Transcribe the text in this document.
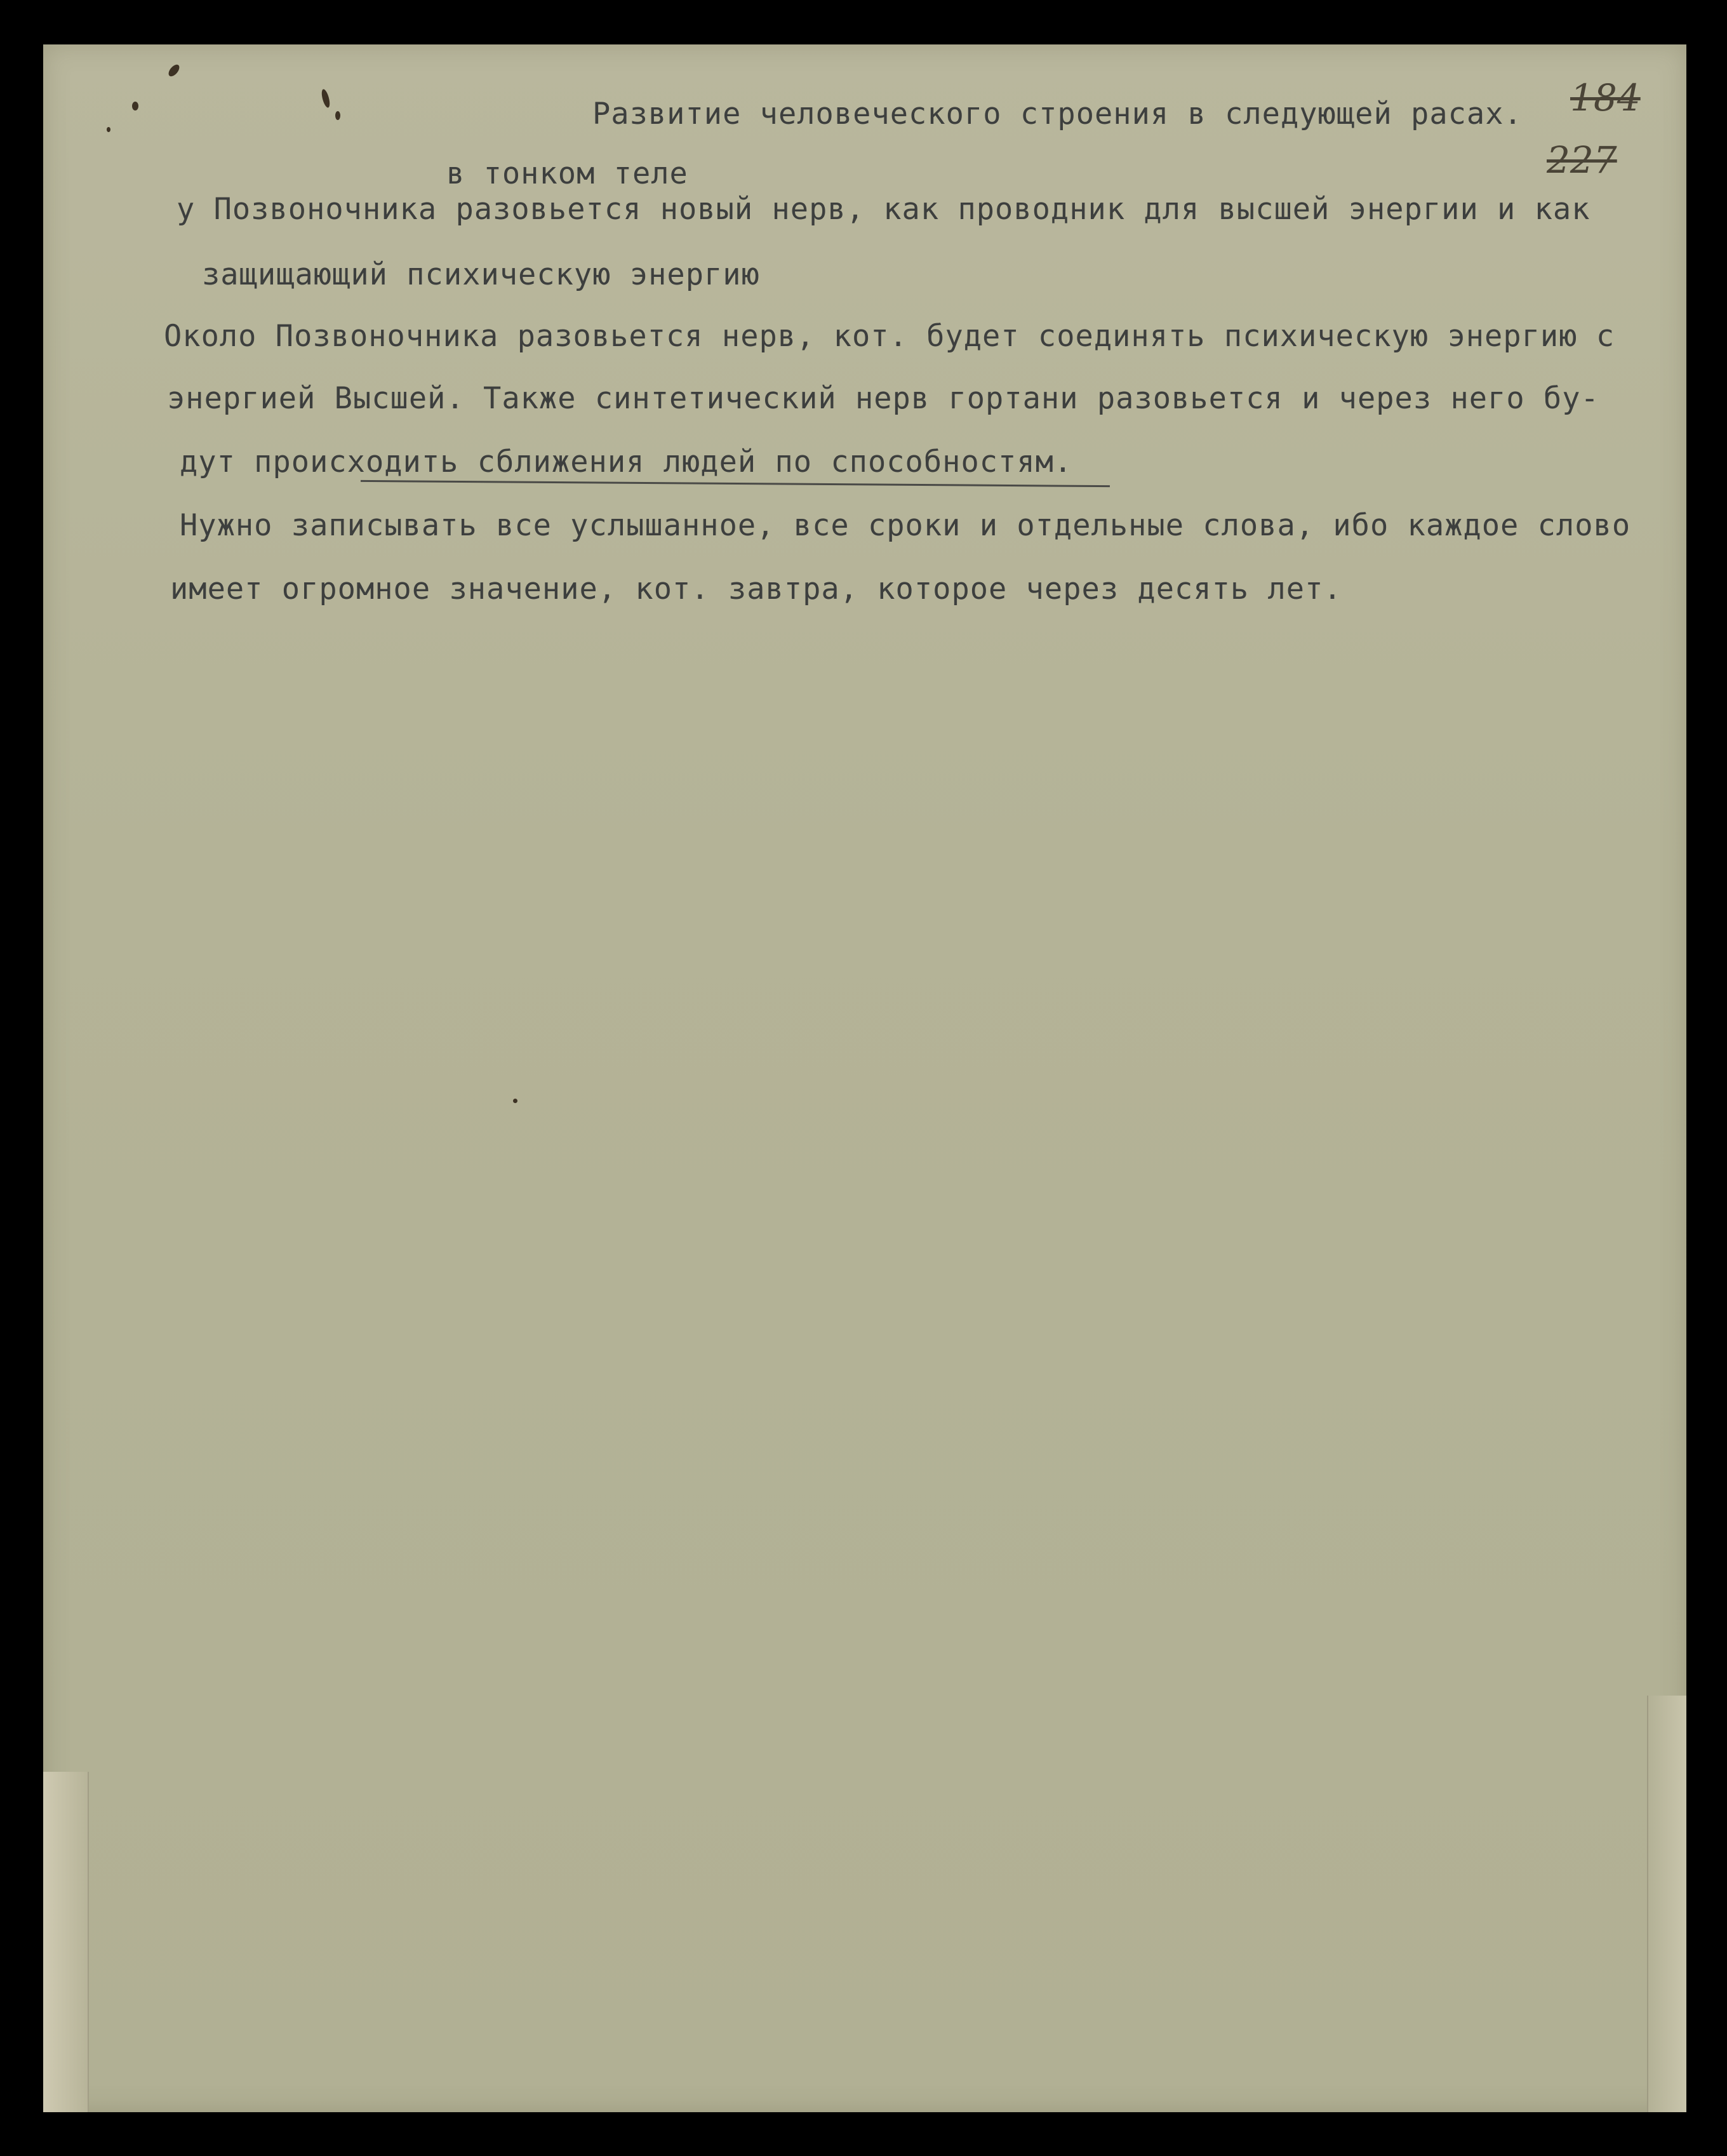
Развитие человеческого строения в следующей расах. 184
227
в тонком теле
у Позвоночника разовьется новый нерв, как проводник для высшей энергии и как
защищающий психическую энергию
Около Позвоночника разовьется нерв, кот. будет соединять психическую энергию с
энергией Высшей. Также синтетический нерв гортани разовьется и через него бу-
дут происходить сближения людей по способностям.
Нужно записывать все услышанное, все сроки и отдельные слова, ибо каждое слово
имеет огромное значение, кот. завтра, которое через десять лет.
